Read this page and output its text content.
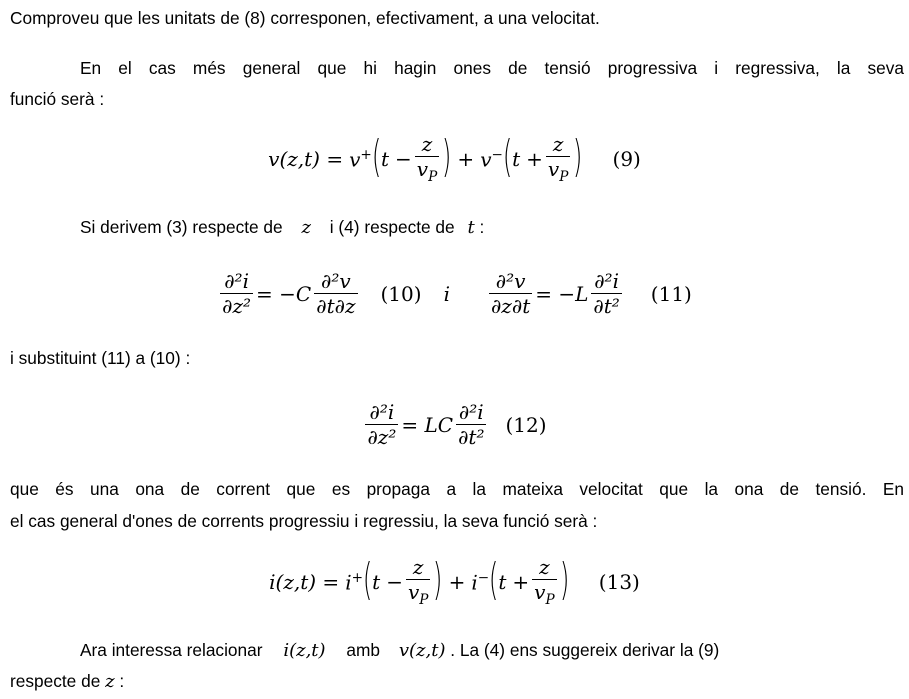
Comproveu que les unitats de (8) corresponen, efectivament, a una velocitat.
En el cas més general que hi hagin ones de tensió progressiva i regressiva, la seva
funció serà :
v(z,t) = v+ ( $t - \frac{z}{v_P}$ ) + v− ( $t + \frac{z}{v_P}$ ) (9)
Si derivem (3) respecte de z i (4) respecte de t :
$\frac{\text{∂²i}}{\text{∂z²}} = -C \frac{\text{∂²v}}{\partial t\partial z} (10)$ i $\frac{\text{∂²v}}{\partial z\partial t} = -L \frac{\text{∂²i}}{\text{∂t²}} (11)$
i substituint (11) a (10) :
$\frac{\text{∂²i}}{\text{∂z²}}$ = LC $\frac{\text{∂²i}}{\text{∂t²}} (12)$
que és una ona de corrent que es propaga a la mateixa velocitat que la ona de tensió. En
el cas general d'ones de corrents progressiu i regressiu, la seva funció serà :
i(z,t) = i+ ( $t - \frac{z}{v_P}$ ) + i− ( $t + \frac{z}{v_P}$ ) (13)
Ara interessa relacionar i(z,t) amb v(z,t) . La (4) ens suggereix derivar la (9)
respecte de z :
